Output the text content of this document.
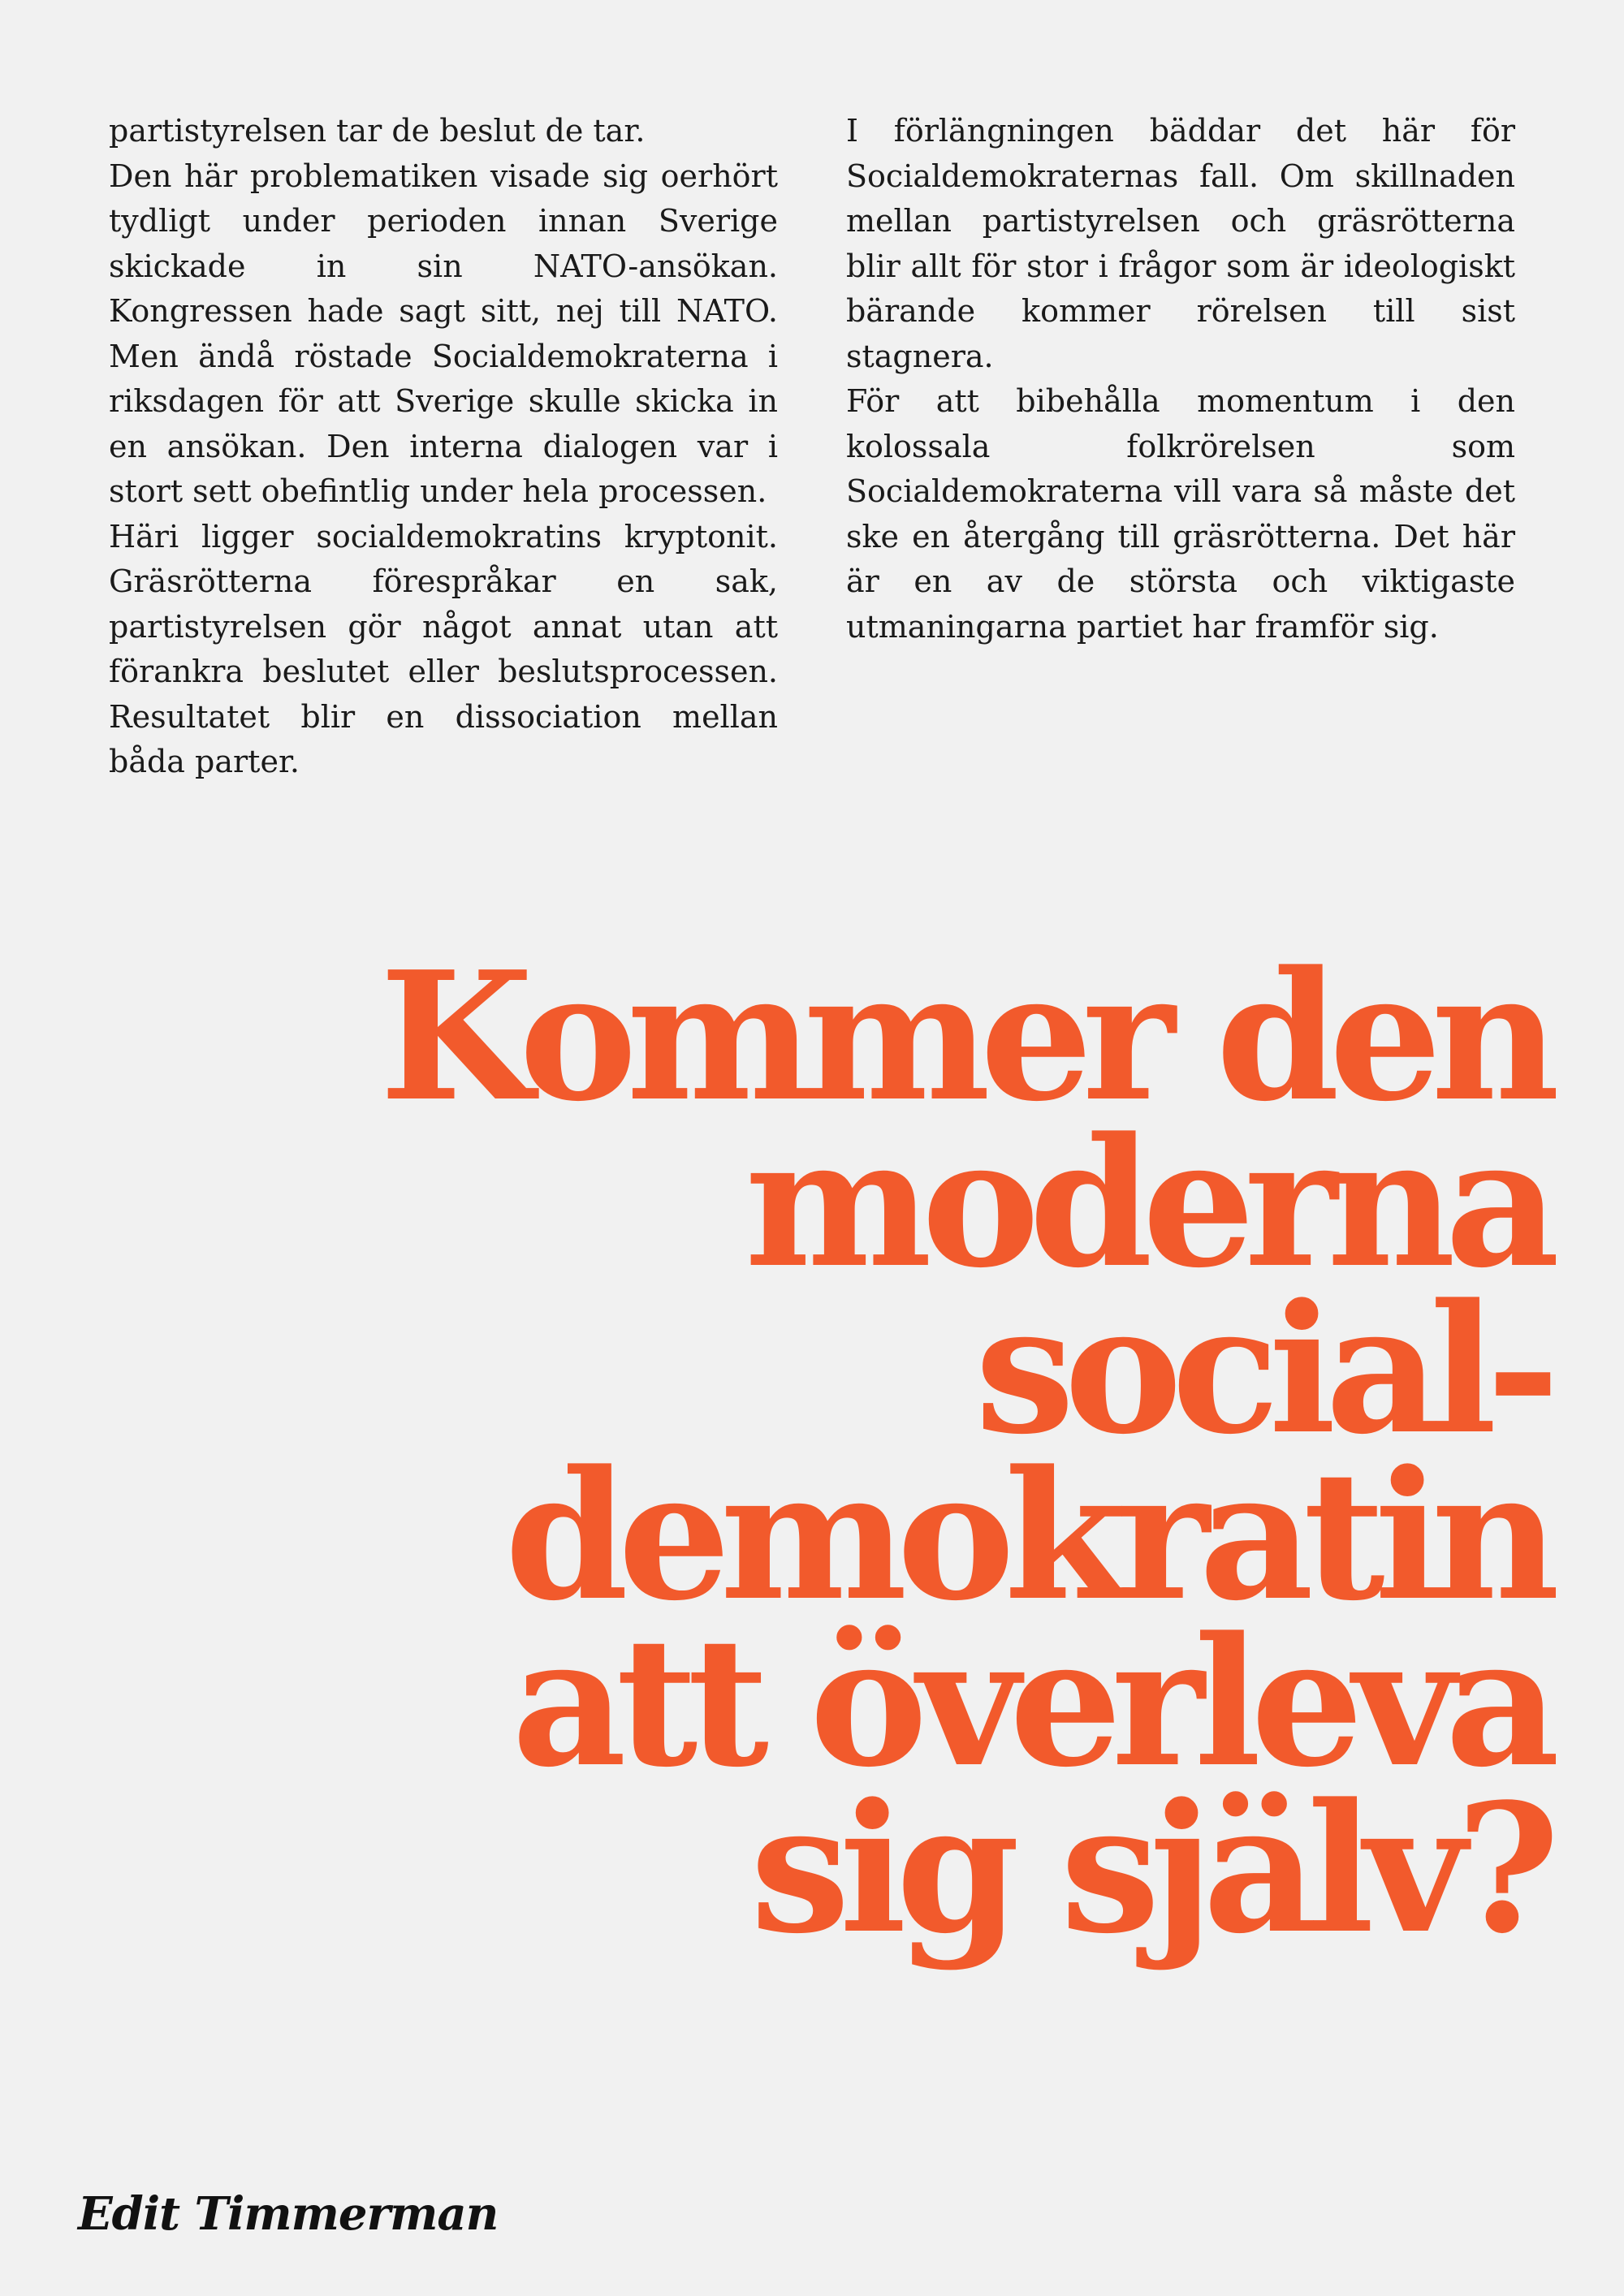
partistyrelsen tar de beslut de tar.

Den här problematiken visade sig oerhört tydligt under perioden innan Sverige skickade in sin NATO-ansökan. Kongressen hade sagt sitt, nej till NATO. Men ändå röstade Socialdemokraterna i riksdagen för att Sverige skulle skicka in en ansökan. Den interna dialogen var i stort sett obefintlig under hela processen.

Häri ligger socialdemokratins kryptonit. Gräsrötterna förespråkar en sak, partistyrelsen gör något annat utan att förankra beslutet eller beslutsprocessen. Resultatet blir en dissociation mellan båda parter.

I förlängningen bäddar det här för Socialdemokraternas fall. Om skillnaden mellan partistyrelsen och gräsrötterna blir allt för stor i frågor som är ideologiskt bärande kommer rörelsen till sist stagnera.

För att bibehålla momentum i den kolossala folkrörelsen som Socialdemokraterna vill vara så måste det ske en återgång till gräsrötterna. Det här är en av de största och viktigaste utmaningarna partiet har framför sig.

Kommer den
moderna
social-
demokratin
att överleva
sig själv?
Edit Timmerman
